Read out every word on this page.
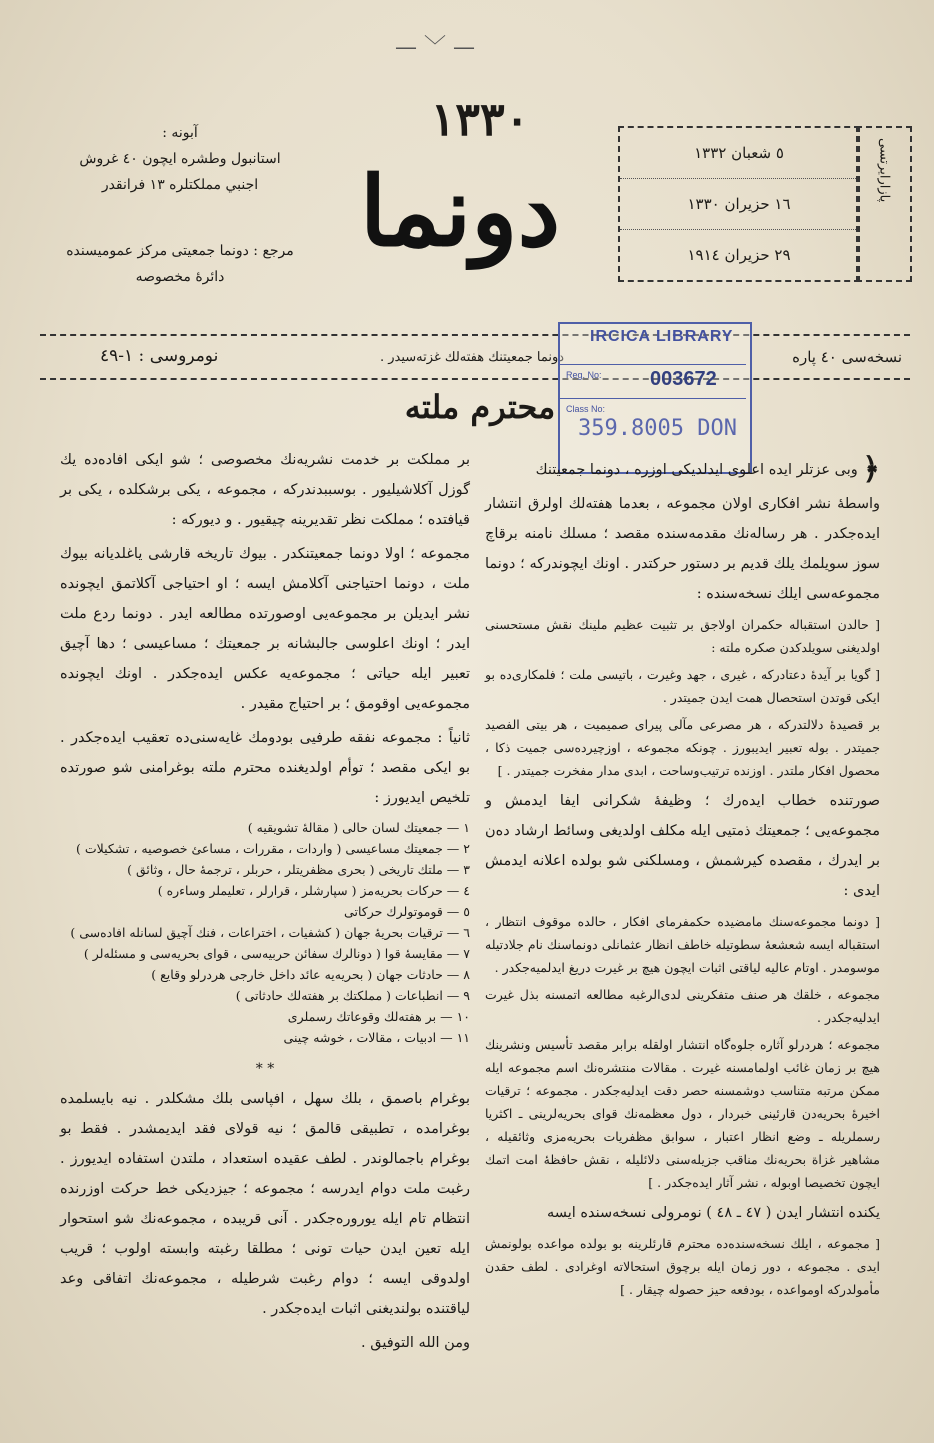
— ﹀ —
آبونه :
استانبول وطشره ايچون ٤٠ غروش
اجنبي مملكتلره ١٣ فرانقدر
مرجع : دونما جمعيتى مركز عموميسنده
دائرهٔ مخصوصه
١٣٣٠
دونما
٥ شعبان ١٣٣٢
١٦ حزيران ١٣٣٠
٢٩ حزيران ١٩١٤
پازارایرتسی
نسخه‌سى ٤٠ پاره
دونما جمعيتنك هفته‌لك غزته‌سيدر .
نومروسى : ١-٤٩
IRCICA LIBRARY
Reg. No: 003672
Class No:
359.8005 DON
محترم ملته

﴿ وبى عزتلر ايده اعلوى ايدلديكى اوزره ، دونما جمعيتنك

واسطهٔ نشر افكارى اولان مجموعه ، بعدما هفته‌لك اولرق انتشار ايده‌جكدر . هر رساله‌نك مقدمه‌سنده مقصد ؛ مسلك نامنه برقاچ سوز سويلمك يلك قديم بر دستور حركتدر . اونك ايچوندركه ؛ دونما مجموعه‌سى ايلك نسخه‌سنده :

[ حالدن استقباله حكمران اولاجق بر تثبيت عظيم ملينك نقش مستحسنى اولديغنى سويلدكدن صكره ملته :

[ گويا بر آيدهٔ دعتادركه ، غيرى ، جهد وغيرت ، باتيسى ملت ؛ فلمكارى‌ده بو ايكى قوتدن استحصال همت ايدن جميتدر .

بر قصيدهٔ دلالتدركه ، هر مصرعى مآلى پيراى صميميت ، هر بيتى الفصيد جميتدر . بوله تعبير ايديبورز . چونكه مجموعه ، اوزچيرده‌سى جميت ذكا ، محصول افكار ملتدر . اوزنده ترتيب‌وساحت ، ابدى مدار مفخرت جميتدر . ]

صورتنده خطاب ايده‌رك ؛ وظيفهٔ شكرانى ايفا ايدمش و مجموعه‌يى ؛ جمعيتك ذمتيى ايله مكلف اولديغى وسائط ارشاد ده‌ن بر ايدرك ، مقصده كيرشمش ، ومسلكنى شو بولده اعلانه ايدمش ايدى :

[ دونما مجموعه‌سنك مامضيده حكمفرماى افكار ، حالده موقوف انتظار ، استقباله ايسه شعشعهٔ سطوتيله خاطف انظار عثمانلى دونماسنك نام جلادتيله موسومدر . اوتام عاليه لياقتى اثبات ايچون هيچ بر غيرت دريغ ايدلميه‌جكدر .

مجموعه ، خلقك هر صنف متفكرينى لدى‌الرغبه مطالعه اتمسنه بذل غيرت ايدليه‌جكدر .

مجموعه ؛ هردرلو آثاره جلوه‌گاه انتشار اولقله برابر مقصد تأسيس ونشرينك هيچ بر زمان غائب اولمامسنه غيرت . مقالات منتشره‌نك اسم مجموعه ايله ممكن مرتبه متناسب دوشمسنه حصر دقت ايدليه‌جكدر . مجموعه ؛ ترقيات اخيرهٔ بحريه‌دن قارئينى خبردار ، دول معظمه‌نك قواى بحريه‌لرينى ـ اكثريا رسملريله ـ وضع انظار اعتبار ، سوابق مظفريات بحريه‌مزى وثائقيله ، مشاهير غزاة بحريه‌نك مناقب جزيله‌سنى دلائليله ، نقش حافظهٔ امت اتمك ايچون تخصيصا اوبوله ، نشر آثار ايده‌جكدر . ]

يكنده انتشار ايدن ( ٤٧ ـ ٤٨ ) نومرولى نسخه‌سنده ايسه

[ مجموعه ، ايلك نسخه‌سنده‌ده محترم قارئلرينه بو بولده مواعده بولونمش ايدى . مجموعه ، دور زمان ايله برچوق استحالاته اوغرادى . لطف حقدن مأمولدركه اومواعده ، بودفعه حيز حصوله چيقار . ]

بر مملكت بر خدمت نشريه‌نك مخصوصى ؛ شو ايكى افاده‌ده يك گوزل آكلاشيليور . بوسببدندركه ، مجموعه ، يكى برشكلده ، يكى بر قيافتده ؛ مملكت نظر تقديرينه چيقيور . و ديوركه :

مجموعه ؛ اولا دونما جمعيتنكدر . بيوك تاريخه قارشى ياغلديانه بيوك ملت ، دونما احتياجنى آكلامش ايسه ؛ او احتياجى آكلاتمق ايچونده نشر ايديلن بر مجموعه‌يى اوصورتده مطالعه ايدر . دونما ردع ملت ايدر ؛ اونك اعلوسى جالبشانه بر جمعيتك ؛ مساعيسى ؛ دها آچيق تعبير ايله حياتى ؛ مجموعه‌يه عكس ايده‌جكدر . اونك ايچونده مجموعه‌يى اوقومق ؛ بر احتياج مقيدر .

ثانياً : مجموعه‌ نفقه طرفيى بودومك غايه‌سنى‌ده تعقيب ايده‌جكدر . بو ايكى مقصد ؛ توأم اولديغنده محترم ملته بوغرامنى شو صورتده تلخيص ايديورز :

١ — جمعيتك لسان حالى ( مقالهٔ تشويقيه )
٢ — جمعيتك مساعيسى ( واردات ، مقررات ، مساعئ خصوصيه ، تشكيلات )
٣ — ملتك تاريخى ( بحرى مظفريتلر ، حربلر ، ترجمهٔ حال ، وثائق )
٤ — حركات بحريه‌مز ( سپارشلر ، قرارلر ، تعليملر وساءره )
٥ — قوموتولرك حركاتى
٦ — ترقيات بحريهٔ جهان ( كشفيات ، اختراعات ، فنك آچيق لسانله افاده‌سى )
٧ — مقايسهٔ قوا ( دونالرك سفائن حربيه‌سى ، قواى بحريه‌سى و مسئله‌لر )
٨ — حادثات جهان ( بحريه‌يه عائد داخل خارجى هردرلو وقايع )
٩ — انطباعات ( مملكتك بر هفته‌لك حادثاتى )
١٠ — بر هفته‌لك وقوعاتك رسملرى
١١ — ادبيات ، مقالات ، خوشه چينى
* *

بوغرام باصمق ، بلك سهل ، افپاسى بلك مشكلدر . نيه بايسلمده بوغرامده ، تطبيقى قالمق ؛ نيه قولاى فقد ايديمشدر . فقط بو بوغرام باجمالوندر . لطف عقيده استعداد ، ملتدن استفاده ايديورز . رغبت ملت دوام ايدرسه ؛ مجموعه ؛ جيزديكى خط حركت اوزرنده انتظام تام ايله يوروره‌جكدر . آنى قريبده ، مجموعه‌نك شو استحوار ايله تعين ايدن حيات تونى ؛ مطلقا رغبته وابسته اولوب ؛ قريب اولدوقى ايسه ؛ دوام رغبت شرطيله ، مجموعه‌نك اتفاقى وعد لياقتنده بولنديغنى اثبات ايده‌جكدر .

ومن الله التوفيق .
